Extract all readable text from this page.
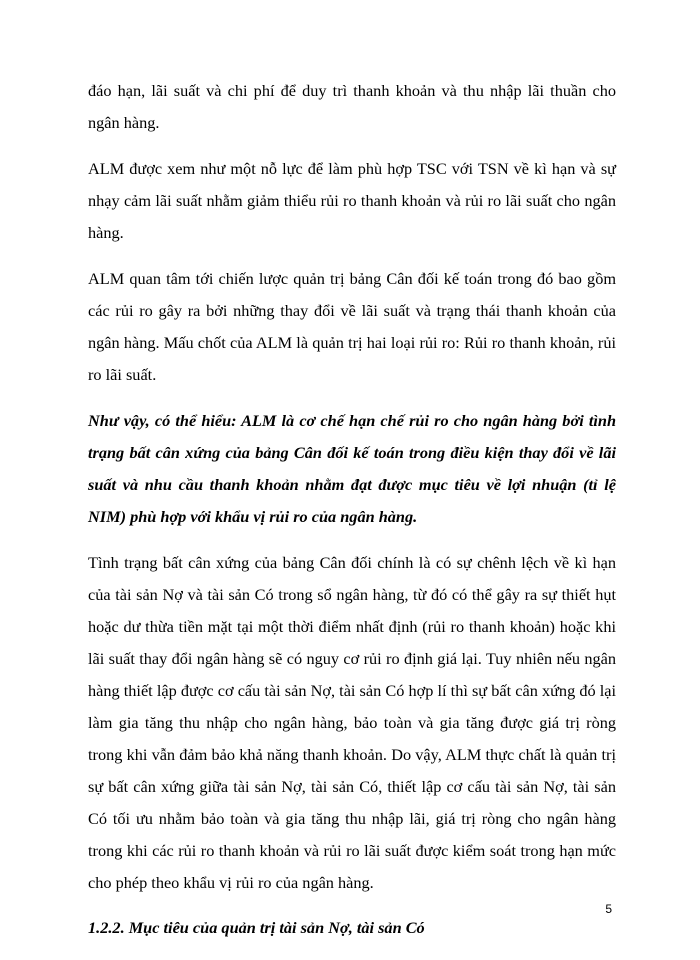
đáo hạn, lãi suất và chi phí để duy trì thanh khoản và thu nhập lãi thuần cho ngân hàng.

ALM được xem như một nỗ lực để làm phù hợp TSC với TSN về kì hạn và sự nhạy cảm lãi suất nhằm giảm thiểu rủi ro thanh khoản và rủi ro lãi suất cho ngân hàng.

ALM quan tâm tới chiến lược quản trị bảng Cân đối kế toán trong đó bao gồm các rủi ro gây ra bởi những thay đổi về lãi suất và trạng thái thanh khoản của ngân hàng. Mấu chốt của ALM là quản trị hai loại rủi ro: Rủi ro thanh khoản, rủi ro lãi suất.

Như vậy, có thể hiểu: ALM là cơ chế hạn chế rủi ro cho ngân hàng bởi tình trạng bất cân xứng của bảng Cân đối kế toán trong điều kiện thay đổi về lãi suất và nhu cầu thanh khoản nhằm đạt được mục tiêu về lợi nhuận (tỉ lệ NIM) phù hợp với khẩu vị rủi ro của ngân hàng.

Tình trạng bất cân xứng của bảng Cân đối chính là có sự chênh lệch về kì hạn của tài sản Nợ và tài sản Có trong sổ ngân hàng, từ đó có thể gây ra sự thiết hụt hoặc dư thừa tiền mặt tại một thời điểm nhất định (rủi ro thanh khoản) hoặc khi lãi suất thay đổi ngân hàng sẽ có nguy cơ rủi ro định giá lại. Tuy nhiên nếu ngân hàng thiết lập được cơ cấu tài sản Nợ, tài sản Có hợp lí thì sự bất cân xứng đó lại làm gia tăng thu nhập cho ngân hàng, bảo toàn và gia tăng được giá trị ròng trong khi vẫn đảm bảo khả năng thanh khoản. Do vậy, ALM thực chất là quản trị sự bất cân xứng giữa tài sản Nợ, tài sản Có, thiết lập cơ cấu tài sản Nợ, tài sản Có tối ưu nhằm bảo toàn và gia tăng thu nhập lãi, giá trị ròng cho ngân hàng trong khi các rủi ro thanh khoản và rủi ro lãi suất được kiểm soát trong hạn mức cho phép theo khẩu vị rủi ro của ngân hàng.

1.2.2. Mục tiêu của quản trị tài sản Nợ, tài sản Có
5
